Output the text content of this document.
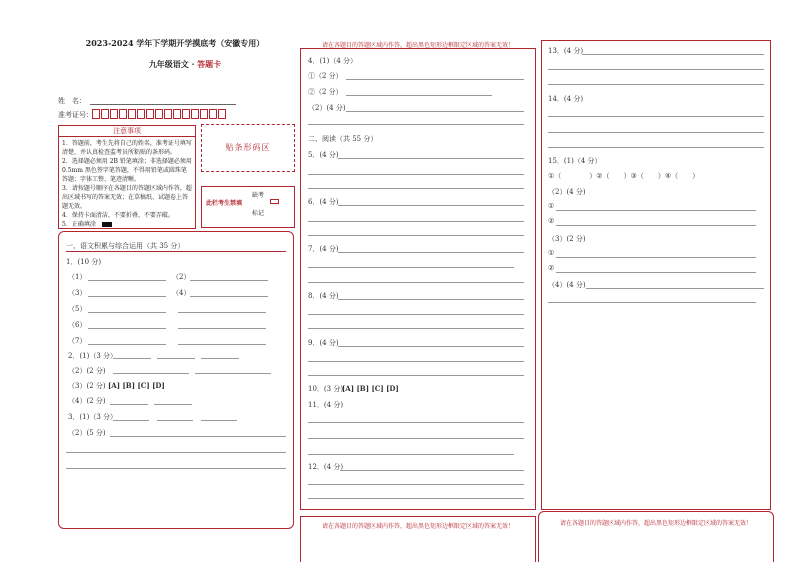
2023-2024 学年下学期开学摸底考（安徽专用）
九年级语文 · 答题卡
姓　名：
准考证号：
注意事项
1．答题前，考生先将自己的姓名，准考证号填写清楚，并认真检查监考员所粘贴的条形码。
2．选择题必须用 2B 铅笔填涂；非选择题必须用 0.5mm 黑色签字笔答题，不得用铅笔或圆珠笔答题；字体工整、笔迹清晰。
3．请按题号顺序在各题目的答题区域内作答，超出区域书写的答案无效；在草稿纸、试题卷上答题无效。
4．保持卡面清洁，不要折叠、不要弄破。
5．正确填涂
贴条形码区
此栏考生禁填
缺考
标记
一、语文积累与综合运用（共 35 分）
1．(10 分)
（1）	（2）
（3）	（4）
（5）
（6）
（7）
2．(1)（3 分）
（2）(2 分)
（3）(2 分) [A] [B] [C] [D]
（4）(2 分)
3．(1)（3 分）
（2）(5 分)
请在各题目的答题区域内作答，超出黑色矩形边框限定区域的答案无效！
4．(1)（4 分）
①（2 分）
②（2 分）
（2）(4 分)
二、阅读（共 55 分）
5．(4 分)
6．(4 分)
7．(4 分)
8．(4 分)
9．(4 分)
10．(3 分)
[A] [B] [C] [D]
11．(4 分)
12．(4 分)
请在各题目的答题区域内作答，超出黑色矩形边框限定区域的答案无效！
13．(4 分)
14．(4 分)
15．(1)（4 分）
①（　　　　）②（　　）③（　　）④（　　）
（2）(4 分)
①
②
（3）(2 分)
①
②
（4）(4 分)
请在各题目的答题区域内作答，超出黑色矩形边框限定区域的答案无效！
